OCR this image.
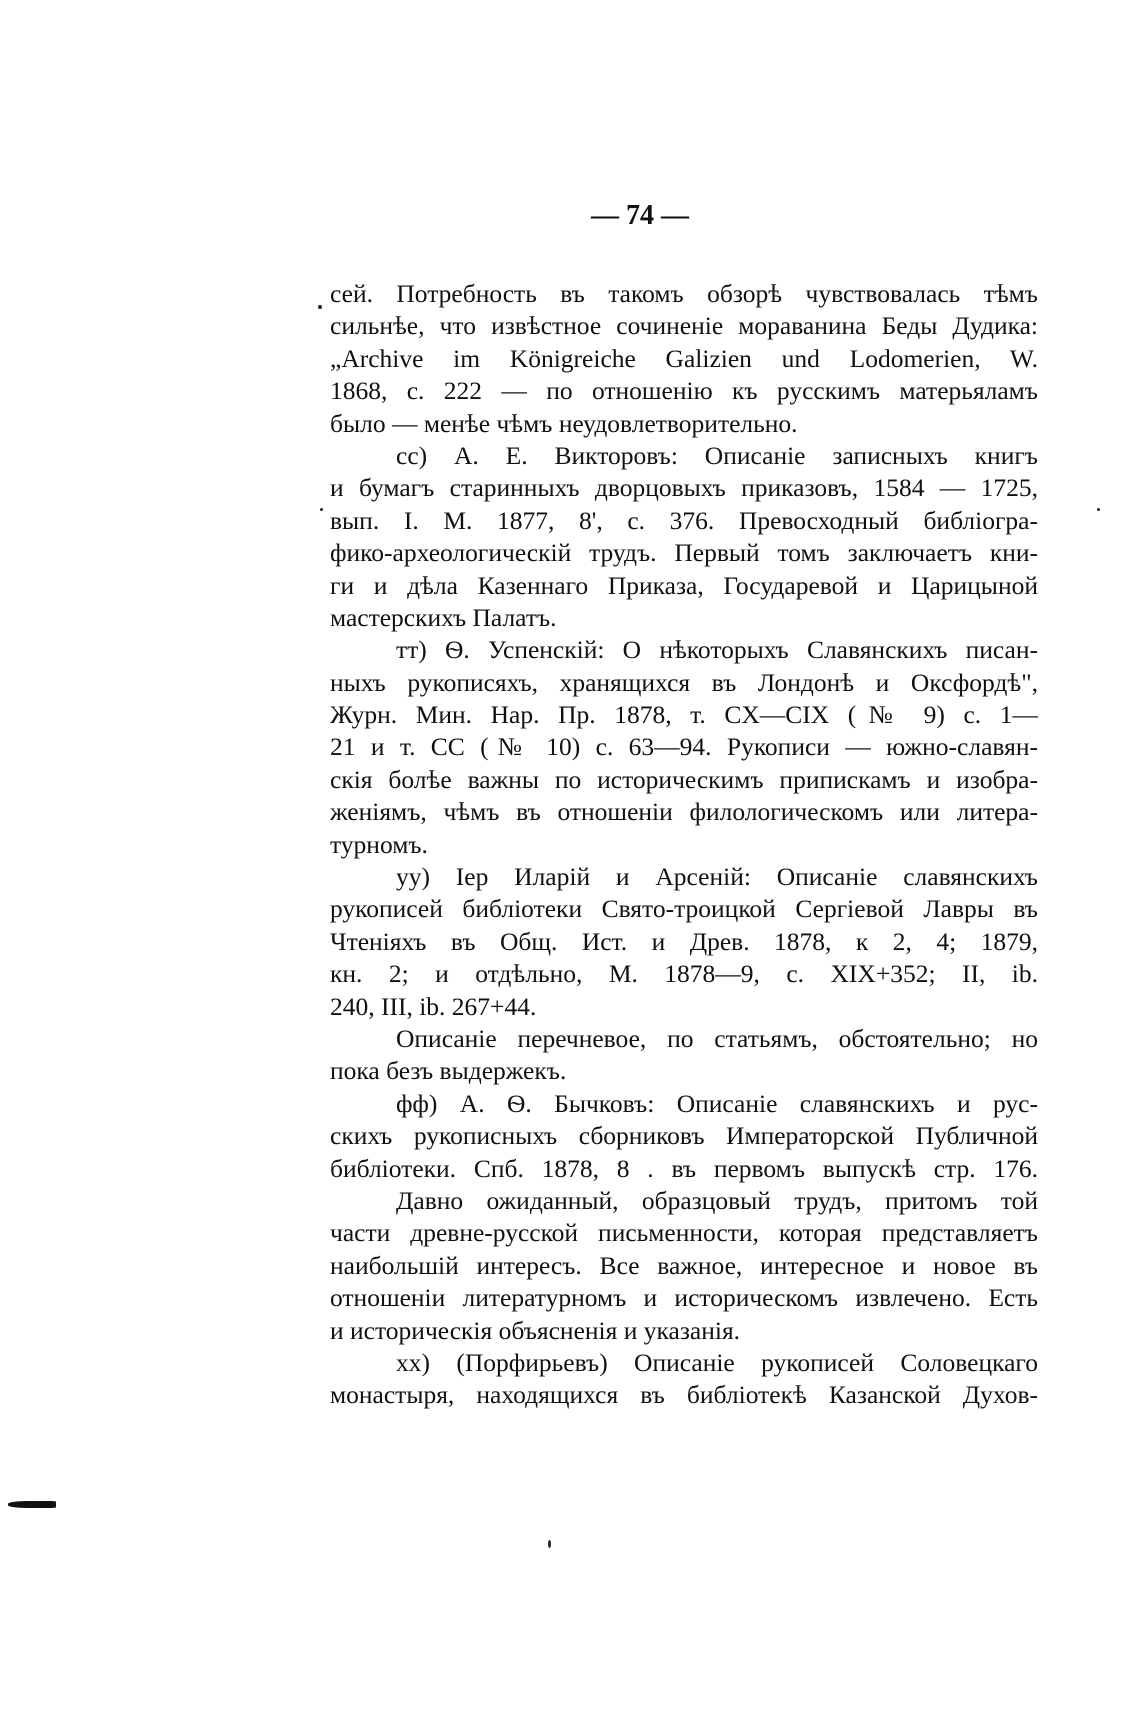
— 74 —
сей. Потребность въ такомъ обзорѣ чувствовалась тѣмъ
сильнѣе, что извѣстное сочиненіе мораванина Беды Дудика:
„Archive im Königreiche Galizien und Lodomerien, W.
1868, с. 222 — по отношенію къ русскимъ матерьяламъ
было — менѣе чѣмъ неудовлетворительно.
сс) А. Е. Викторовъ: Описаніе записныхъ книгъ
и бумагъ старинныхъ дворцовыхъ приказовъ, 1584 — 1725,
вып. I. М. 1877, 8', с. 376. Превосходный библiогра-
фико-археологическій трудъ. Первый томъ заключаетъ кни-
ги и дѣла Казеннаго Приказа, Государевой и Царицыной
мастерскихъ Палатъ.
тт) Ѳ. Успенскій: О нѣкоторыхъ Славянскихъ писан-
ныхъ рукописяхъ, хранящихся въ Лондонѣ и Оксфордѣ",
Журн. Мин. Нар. Пр. 1878, т. CX—CIX (№ 9) с. 1—
21 и т. CC (№ 10) с. 63—94. Рукописи — южно-славян-
скія болѣе важны по историческимъ припискамъ и изобра-
женіямъ, чѣмъ въ отношеніи филологическомъ или литера-
турномъ.
уу) Іер Иларій и Арсеній: Описаніе славянскихъ
рукописей библіотеки Свято-троицкой Сергіевой Лавры въ
Чтеніяхъ въ Общ. Ист. и Древ. 1878, к 2, 4; 1879,
кн. 2; и отдѣльно, М. 1878—9, с. XIX+352; II, ib.
240, III, ib. 267+44.
Описаніе перечневое, по статьямъ, обстоятельно; но
пока безъ выдержекъ.
фф) А. Ѳ. Бычковъ: Описаніе славянскихъ и рус-
скихъ рукописныхъ сборниковъ Императорской Публичной
библіотеки. Спб. 1878, 8 . въ первомъ выпускѣ стр. 176.
Давно ожиданный, образцовый трудъ, притомъ той
части древне-русской письменности, которая представляетъ
наибольшій интересъ. Все важное, интересное и новое въ
отношеніи литературномъ и историческомъ извлечено. Есть
и историческія объясненія и указанія.
хх) (Порфирьевъ) Описаніе рукописей Соловецкаго
монастыря, находящихся въ библіотекѣ Казанской Духов-
